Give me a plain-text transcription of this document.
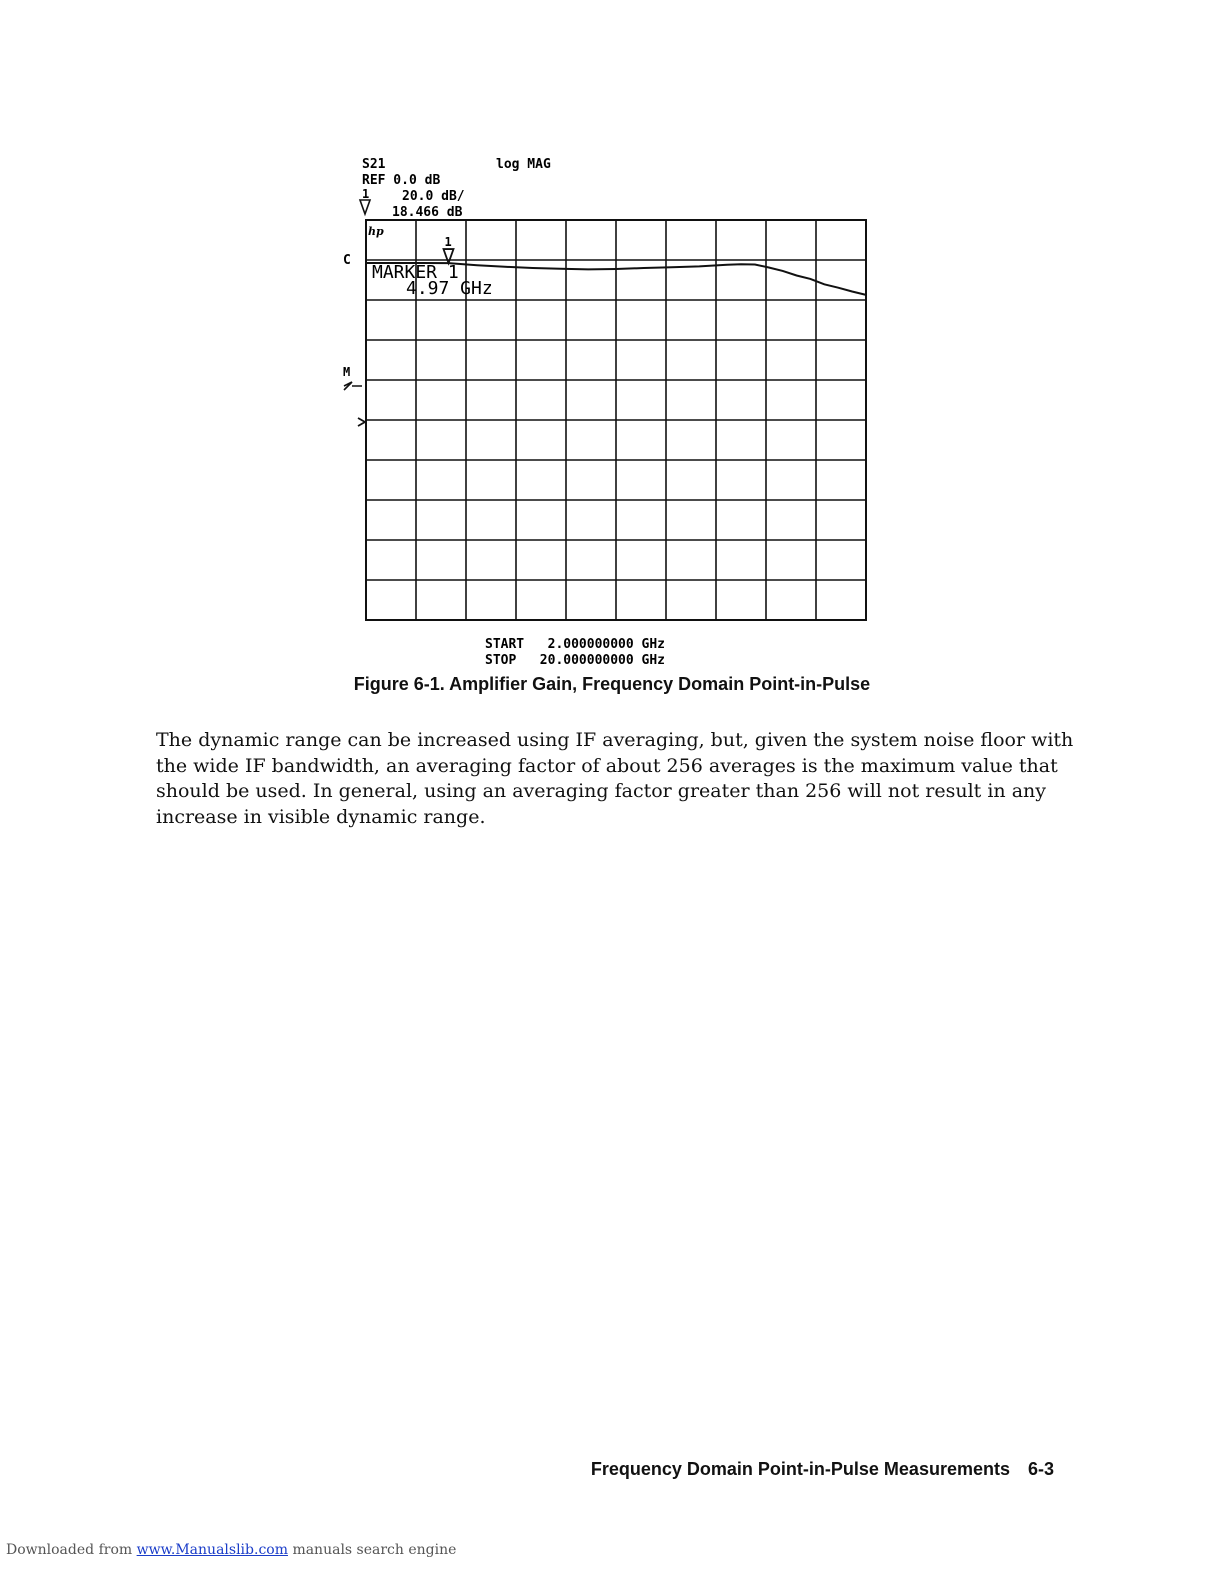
S21	log MAG
REF 0.0 dB
1	20.0 dB/
18.466 dB
C
M
hp
MARKER 1
4.97 GHz
1
START   2.000000000 GHz
STOP   20.000000000 GHz
Figure 6-1. Amplifier Gain, Frequency Domain Point-in-Pulse
The dynamic range can be increased using IF averaging, but, given the system noise floor with
the wide IF bandwidth, an averaging factor of about 256 averages is the maximum value that
should be used. In general, using an averaging factor greater than 256 will not result in any
increase in visible dynamic range.
Frequency Domain Point-in-Pulse Measurements 6-3
Downloaded from www.Manualslib.com manuals search engine
